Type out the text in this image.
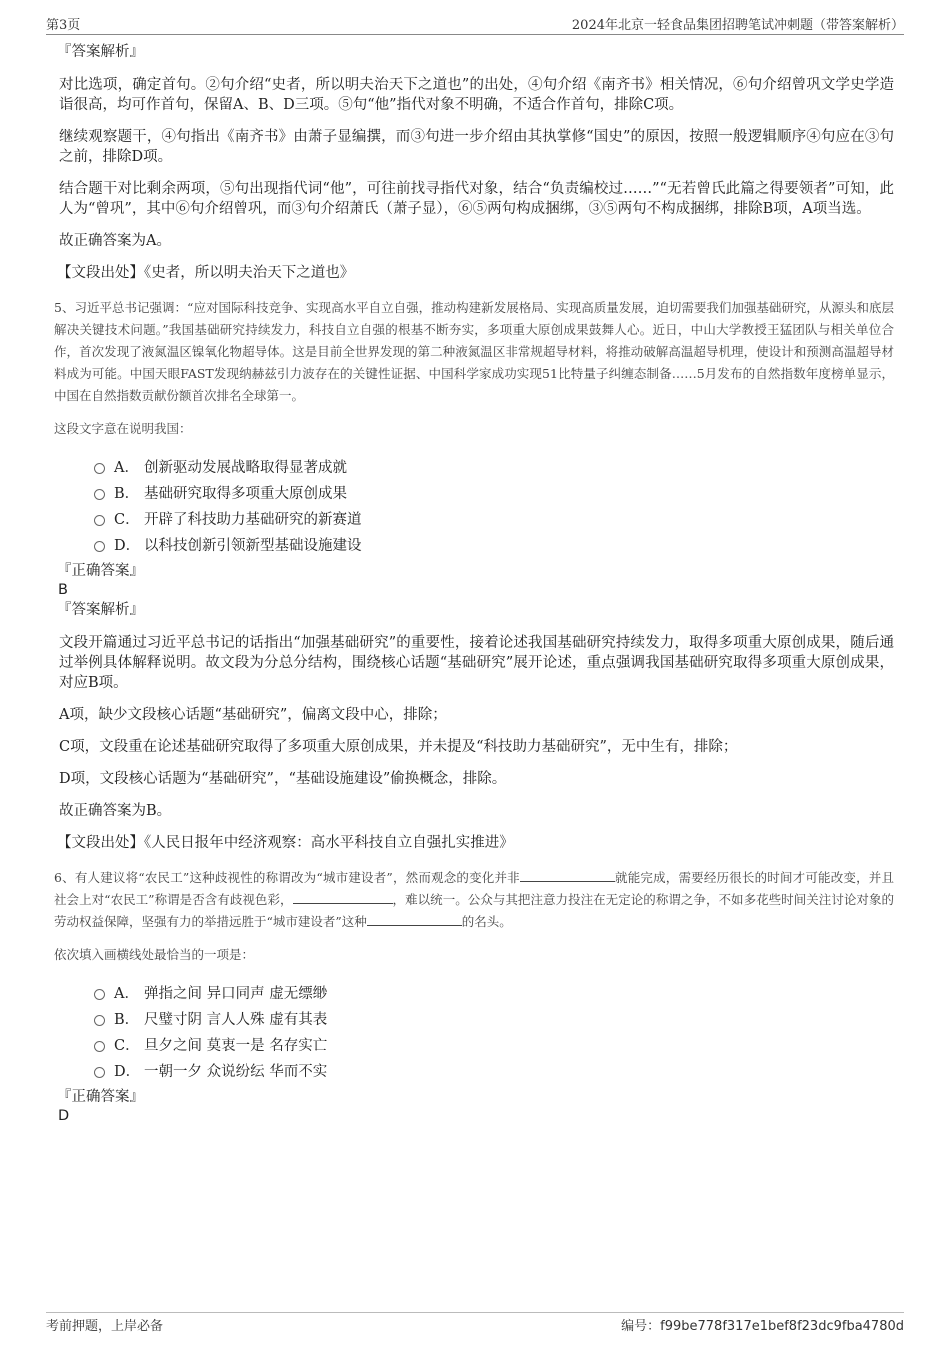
第3页	2024年北京一轻食品集团招聘笔试冲刺题（带答案解析）
『答案解析』

对比选项，确定首句。②句介绍“史者，所以明夫治天下之道也”的出处，④句介绍《南齐书》相关情况，⑥句介绍曾巩文学史学造诣很高，均可作首句，保留A、B、D三项。⑤句“他”指代对象不明确，不适合作首句，排除C项。

继续观察题干，④句指出《南齐书》由萧子显编撰，而③句进一步介绍由其执掌修“国史”的原因，按照一般逻辑顺序④句应在③句之前，排除D项。

结合题干对比剩余两项，⑤句出现指代词“他”，可往前找寻指代对象，结合“负责编校过……”“无若曾氏此篇之得要领者”可知，此人为“曾巩”，其中⑥句介绍曾巩，而③句介绍萧氏（萧子显），⑥⑤两句构成捆绑，③⑤两句不构成捆绑，排除B项，A项当选。

故正确答案为A。

【文段出处】《史者，所以明夫治天下之道也》

5、习近平总书记强调：“应对国际科技竞争、实现高水平自立自强，推动构建新发展格局、实现高质量发展，迫切需要我们加强基础研究，从源头和底层解决关键技术问题。”我国基础研究持续发力，科技自立自强的根基不断夯实，多项重大原创成果鼓舞人心。近日，中山大学教授王猛团队与相关单位合作，首次发现了液氮温区镍氧化物超导体。这是目前全世界发现的第二种液氮温区非常规超导材料，将推动破解高温超导机理，使设计和预测高温超导材料成为可能。中国天眼FAST发现纳赫兹引力波存在的关键性证据、中国科学家成功实现51比特量子纠缠态制备……5月发布的自然指数年度榜单显示，中国在自然指数贡献份额首次排名全球第一。

这段文字意在说明我国：

A． 创新驱动发展战略取得显著成就
B． 基础研究取得多项重大原创成果
C． 开辟了科技助力基础研究的新赛道
D． 以科技创新引领新型基础设施建设
『正确答案』
B
『答案解析』

文段开篇通过习近平总书记的话指出“加强基础研究”的重要性，接着论述我国基础研究持续发力，取得多项重大原创成果，随后通过举例具体解释说明。故文段为分总分结构，围绕核心话题“基础研究”展开论述，重点强调我国基础研究取得多项重大原创成果，对应B项。

A项，缺少文段核心话题“基础研究”，偏离文段中心，排除；

C项，文段重在论述基础研究取得了多项重大原创成果，并未提及“科技助力基础研究”，无中生有，排除；

D项，文段核心话题为“基础研究”，“基础设施建设”偷换概念，排除。

故正确答案为B。

【文段出处】《人民日报年中经济观察：高水平科技自立自强扎实推进》

6、有人建议将“农民工”这种歧视性的称谓改为“城市建设者”，然而观念的变化并非	就能完成，需要经历很长的时间才可能改变，并且社会上对“农民工”称谓是否含有歧视色彩，	，难以统一。公众与其把注意力投注在无定论的称谓之争，不如多花些时间关注讨论对象的劳动权益保障，坚强有力的举措远胜于“城市建设者”这种	的名头。

依次填入画横线处最恰当的一项是：

A． 弹指之间 异口同声 虚无缥缈
B． 尺璧寸阴 言人人殊 虚有其表
C． 旦夕之间 莫衷一是 名存实亡
D． 一朝一夕 众说纷纭 华而不实
『正确答案』
D
考前押题，上岸必备	编号：f99be778f317e1bef8f23dc9fba4780d
